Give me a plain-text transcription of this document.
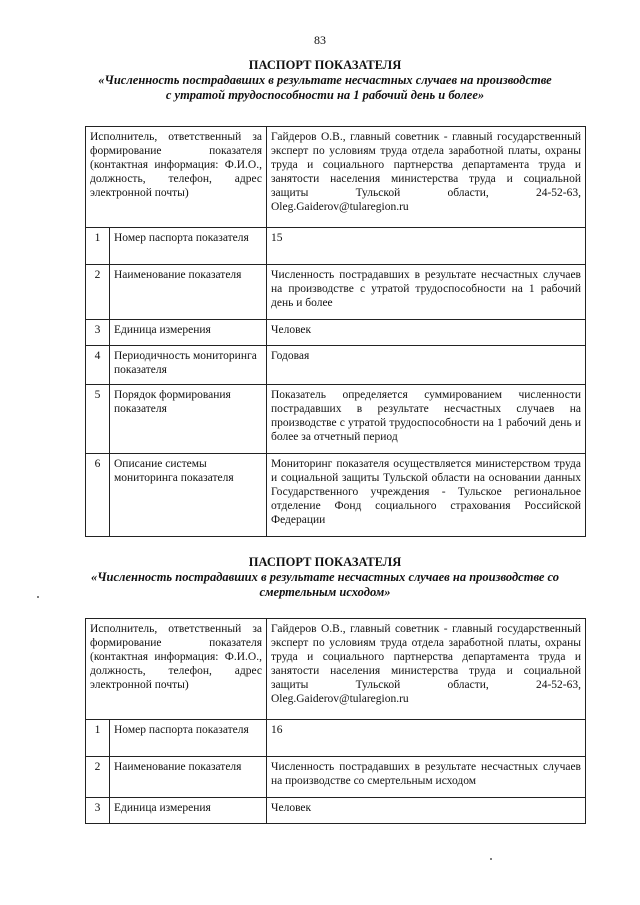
83
ПАСПОРТ ПОКАЗАТЕЛЯ
«Численность пострадавших в результате несчастных случаев на производстве
с утратой трудоспособности на 1 рабочий день и более»
Исполнитель, ответственный за формирование показателя (контактная информация: Ф.И.О., должность, телефон, адрес электронной почты)		Гайдеров О.В., главный советник - главный государственный эксперт по условиям труда отдела заработной платы, охраны труда и социального партнерства департамента труда и занятости населения министерства труда и социальной защиты Тульской области, 24-52-63, Oleg.Gaiderov@tularegion.ru
1	Номер паспорта показателя	15
2	Наименование показателя	Численность пострадавших в результате несчастных случаев на производстве с утратой трудоспособности на 1 рабочий день и более
3	Единица измерения	Человек
4	Периодичность мониторинга показателя	Годовая
5	Порядок формирования показателя	Показатель определяется суммированием численности пострадавших в результате несчастных случаев на производстве с утратой трудоспособности на 1 рабочий день и более за отчетный период
6	Описание системы мониторинга показателя	Мониторинг показателя осуществляется министерством труда и социальной защиты Тульской области на основании данных Государственного учреждения - Тульское региональное отделение Фонд социального страхования Российской Федерации
ПАСПОРТ ПОКАЗАТЕЛЯ
«Численность пострадавших в результате несчастных случаев на производстве со
смертельным исходом»
Исполнитель, ответственный за формирование показателя (контактная информация: Ф.И.О., должность, телефон, адрес электронной почты)		Гайдеров О.В., главный советник - главный государственный эксперт по условиям труда отдела заработной платы, охраны труда и социального партнерства департамента труда и занятости населения министерства труда и социальной защиты Тульской области, 24-52-63, Oleg.Gaiderov@tularegion.ru
1	Номер паспорта показателя	16
2	Наименование показателя	Численность пострадавших в результате несчастных случаев на производстве со смертельным исходом
3	Единица измерения	Человек
